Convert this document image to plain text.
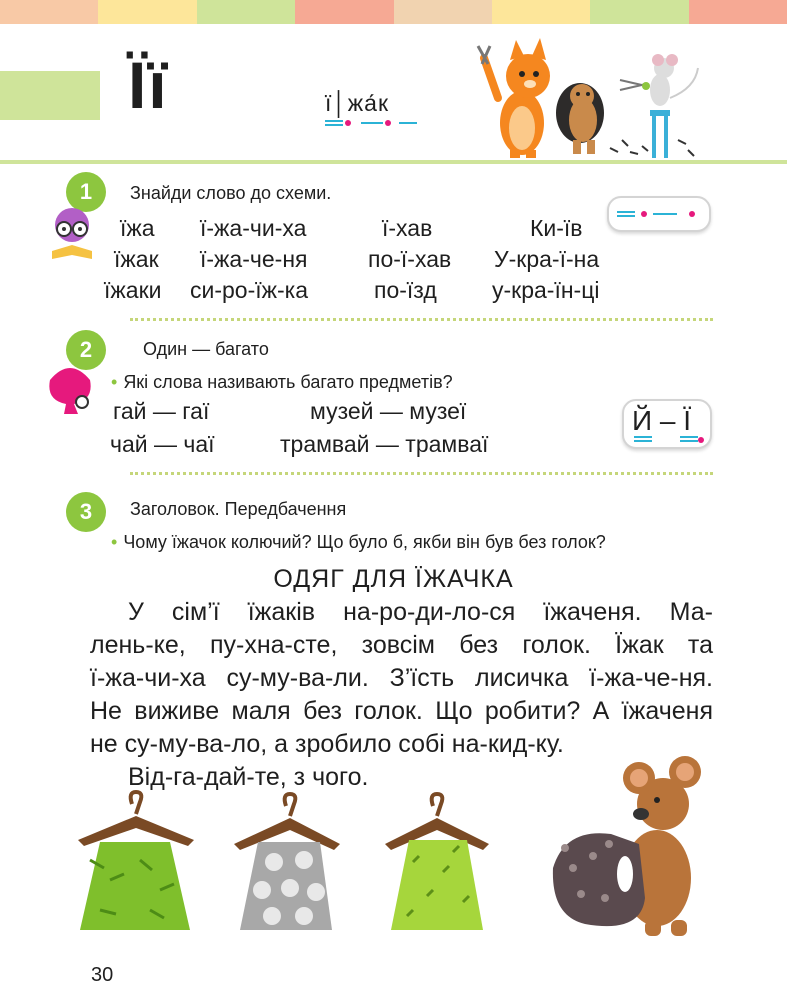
Її	ї│жа́к
1	Знайди слово до схеми.
їжа	ї-жа-чи-ха	ї-хав	Ки-їв
їжак	ї-жа-че-ня	по-ї-хав	У-кра-ї-на
їжаки	си-ро-їж-ка	по-їзд	у-кра-їн-ці
2	Один — багато
• Які слова називають багато предметів?
гай — гаї	музей — музеї
чай — чаї	трамвай — трамваї
Й – Ї
3	Заголовок. Передбачення
• Чому їжачок колючий? Що було б, якби він був без голок?
ОДЯГ ДЛЯ ЇЖАЧКА

У сім’ї їжаків на-ро-ди-ло-ся їжаченя. Ма-

лень-ке, пу-хна-сте, зовсім без голок. Їжак та

ї-жа-чи-ха су-му-ва-ли. З’їсть лисичка ї-жа-че-ня.

Не виживе маля без голок. Що робити? А їжаченя

не су-му-ва-ло, а зробило собі на-кид-ку.

Від-га-дай-те, з чого.

30
